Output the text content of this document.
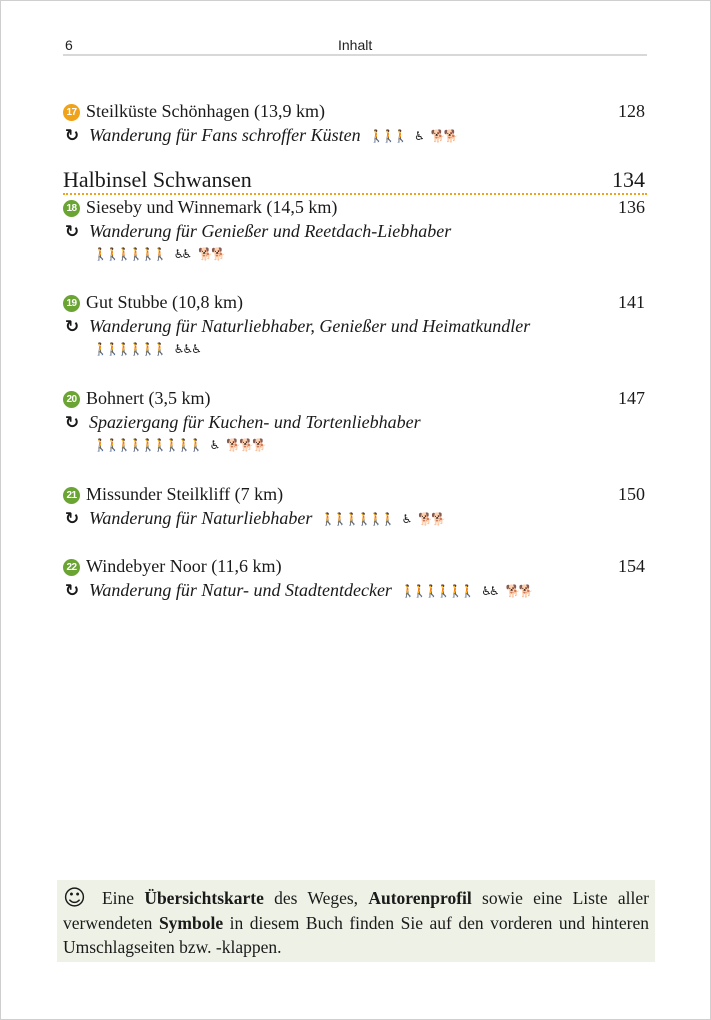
6	Inhalt
17 Steilküste Schönhagen (13,9 km)	128
↻ Wanderung für Fans schroffer Küsten 🚶🚶🚶 ♿ 🐕🐕
Halbinsel Schwansen	134
18 Sieseby und Winnemark (14,5 km)	136
↻ Wanderung für Genießer und Reetdach-Liebhaber
🚶🚶🚶🚶🚶🚶 ♿♿ 🐕🐕
19 Gut Stubbe (10,8 km)	141
↻ Wanderung für Naturliebhaber, Genießer und Heimatkundler
🚶🚶🚶🚶🚶🚶 ♿♿♿
20 Bohnert (3,5 km)	147
↻ Spaziergang für Kuchen- und Tortenliebhaber
🚶🚶🚶🚶🚶🚶🚶🚶🚶 ♿ 🐕🐕🐕
21 Missunder Steilkliff (7 km)	150
↻ Wanderung für Naturliebhaber 🚶🚶🚶🚶🚶🚶 ♿ 🐕🐕
22 Windebyer Noor (11,6 km)	154
↻ Wanderung für Natur- und Stadtentdecker 🚶🚶🚶🚶🚶🚶 ♿♿ 🐕🐕

☺ Eine Übersichtskarte des Weges, Autorenprofil sowie eine Liste aller verwendeten Symbole in diesem Buch finden Sie auf den vorderen und hinteren Umschlagseiten bzw. -klappen.
